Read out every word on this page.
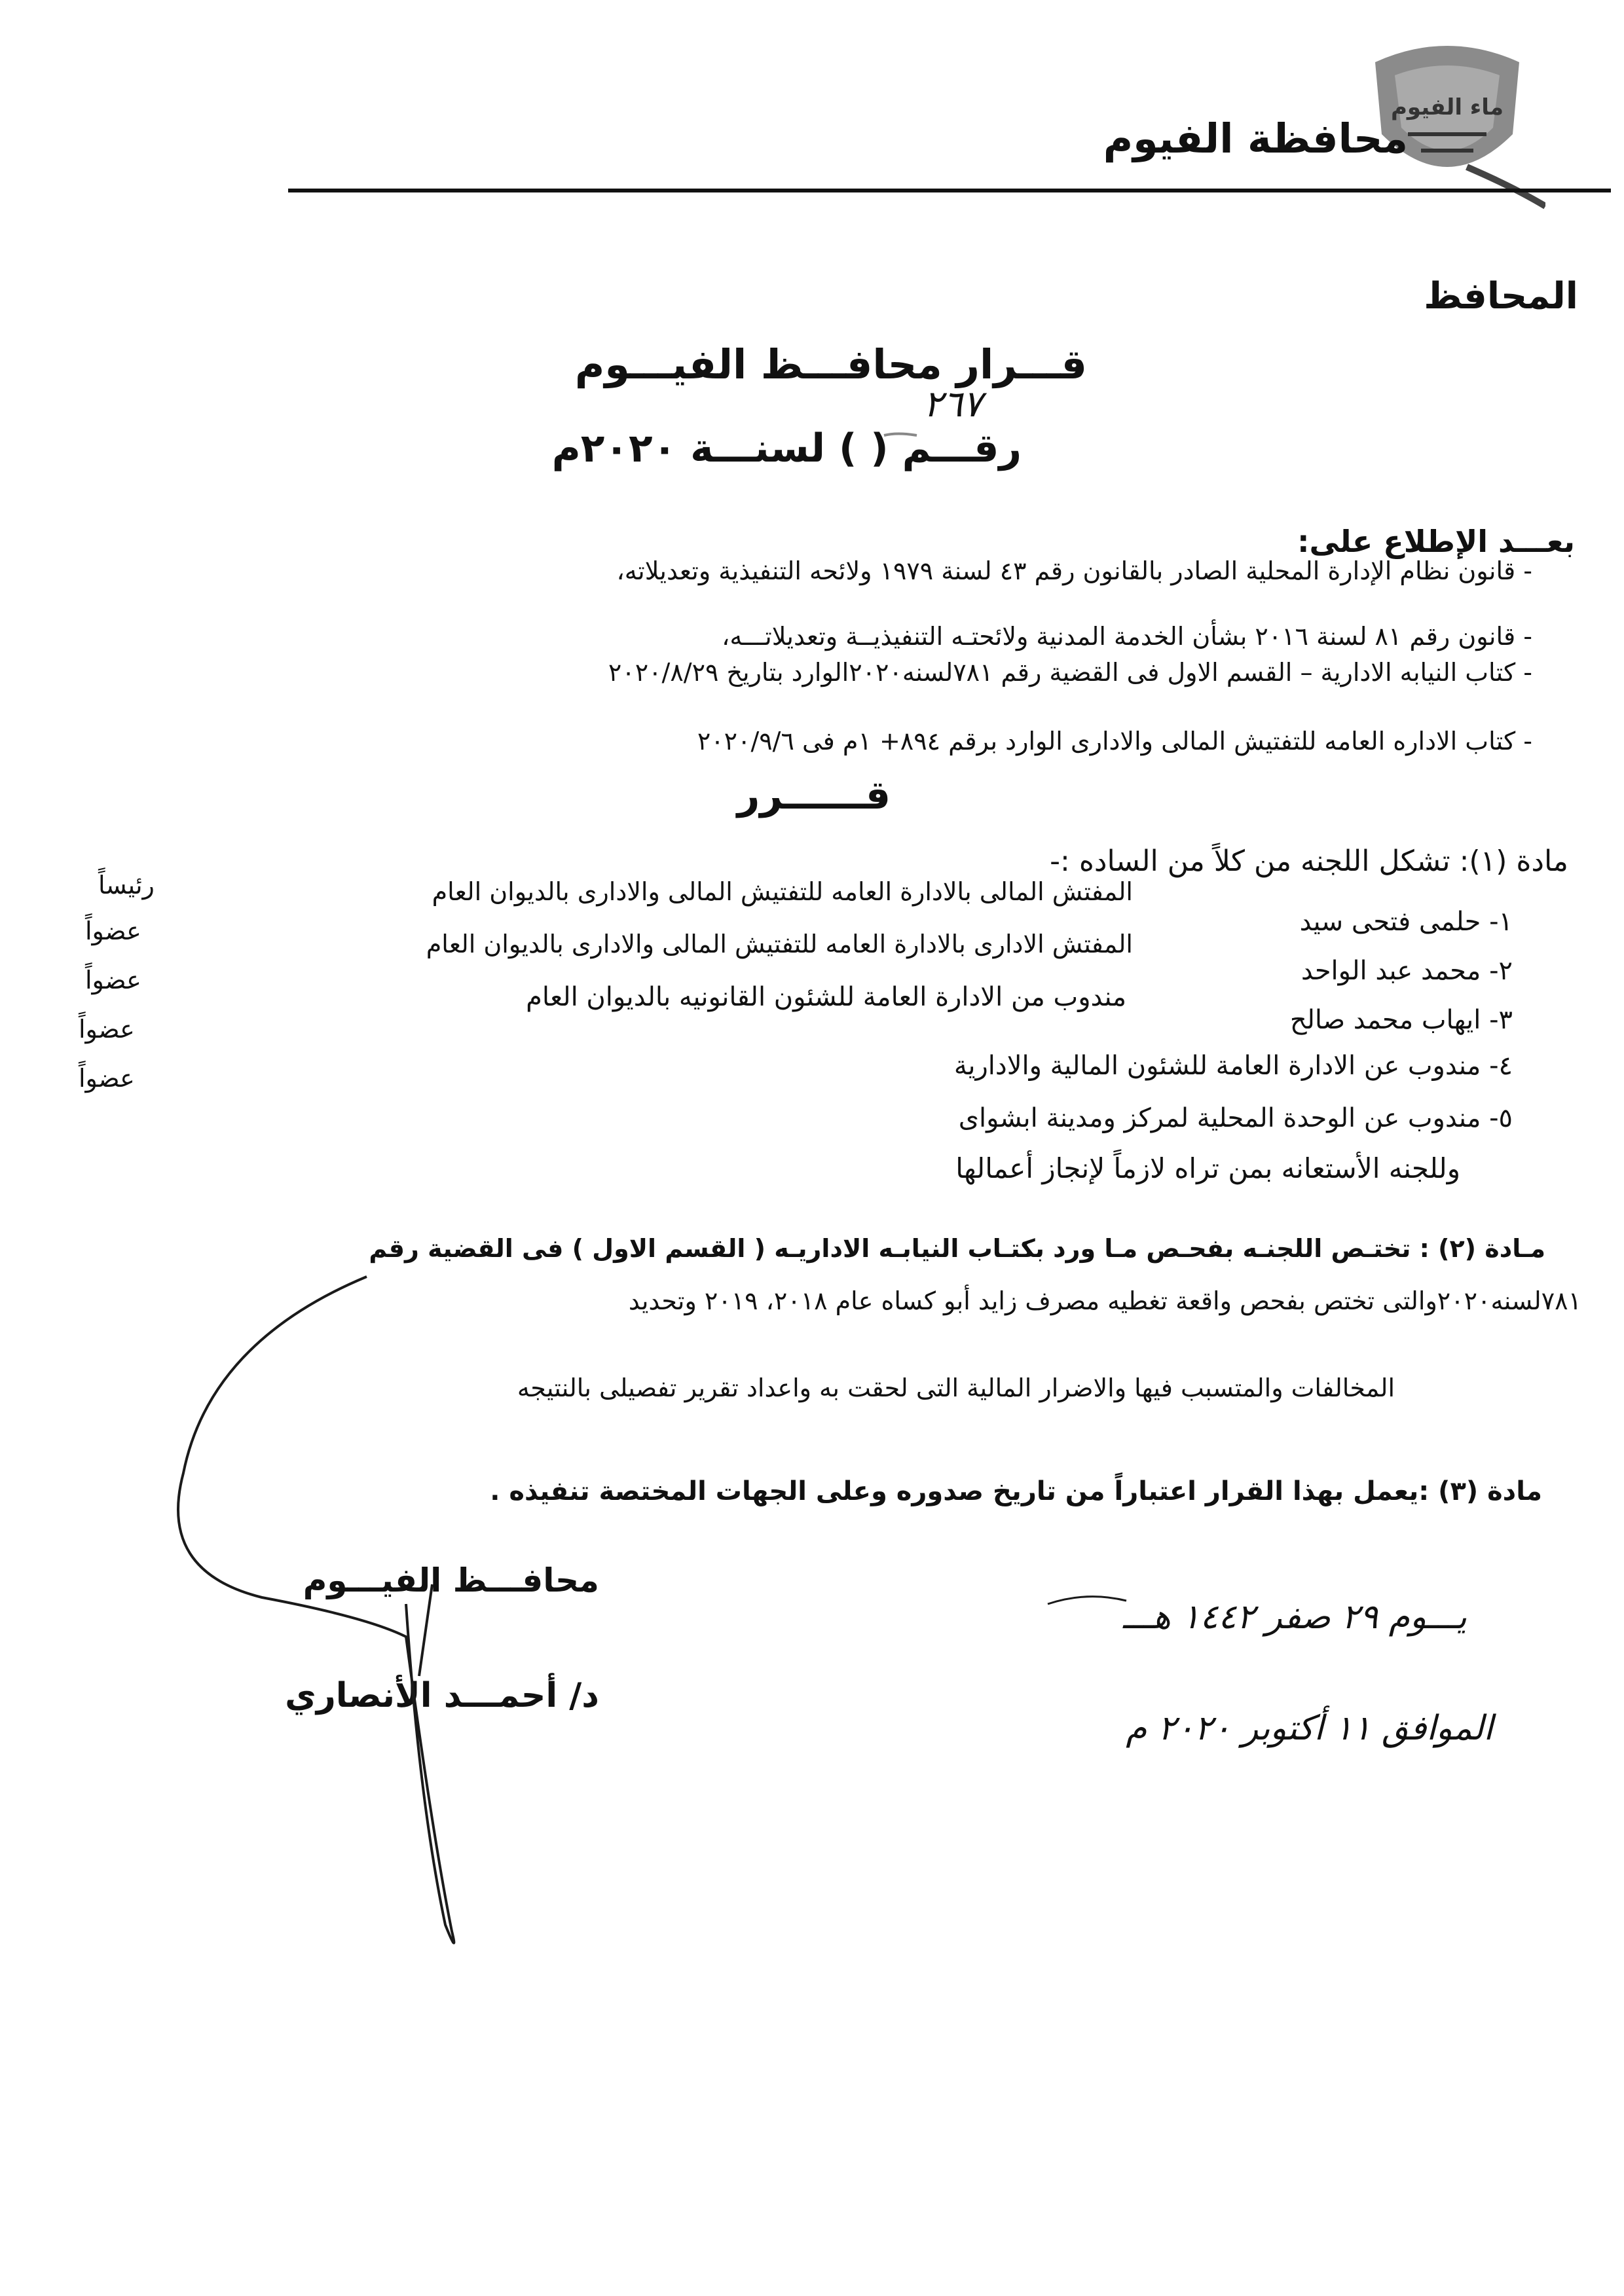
ماء الفيوم
محافظة الفيوم
المحافظ
قـــرار محافـــظ الفيـــوم
٢٦٧
رقـــم ( ) لسنـــة ٢٠٢٠م
بعـــد الإطلاع على:
- قانون نظام الإدارة المحلية الصادر بالقانون رقم ٤٣ لسنة ١٩٧٩ ولائحه التنفيذية وتعديلاته،
- قانون رقم ٨١ لسنة ٢٠١٦ بشأن الخدمة المدنية ولائحتـه التنفيذيــة وتعديلاتـــه،
- كتاب النيابه الادارية – القسم الاول فى القضية رقم ٧٨١لسنه٢٠٢٠الوارد بتاريخ ٢٠٢٠/٨/٢٩
- كتاب الاداره العامه للتفتيش المالى والادارى الوارد برقم ٨٩٤+ ١م فى ٢٠٢٠/٩/٦
قــــــرر
مادة (١): تشكل اللجنه من كلاً من الساده :-
١- حلمى فتحى سيد
المفتش المالى بالادارة العامه للتفتيش المالى والادارى بالديوان العام
رئيساً
٢- محمد عبد الواحد
المفتش الادارى بالادارة العامه للتفتيش المالى والادارى بالديوان العام
عضواً
٣- ايهاب محمد صالح
مندوب من الادارة العامة للشئون القانونيه بالديوان العام
عضواً
٤- مندوب عن الادارة العامة للشئون المالية والادارية
عضواً
٥- مندوب عن الوحدة المحلية لمركز ومدينة ابشواى
عضواً
وللجنه الأستعانه بمن تراه لازماً لإنجاز أعمالها
مـادة (٢) : تختـص اللجنـه بفحـص مـا ورد بكتـاب النيابـه الاداريـه ( القسم الاول ) فى القضية رقم
٧٨١لسنه٢٠٢٠والتى تختص بفحص واقعة تغطيه مصرف زايد أبو كساه عام ٢٠١٨، ٢٠١٩ وتحديد
المخالفات والمتسبب فيها والاضرار المالية التى لحقت به واعداد تقرير تفصيلى بالنتيجه
مادة (٣) :يعمل بهذا القرار اعتباراً من تاريخ صدوره وعلى الجهات المختصة تنفيذه .
يـــوم ٢٩ صفر ١٤٤٢ هـــ
الموافق ١١ أكتوبر ٢٠٢٠ م
محافـــظ الفيـــوم
د/ أحمـــد الأنصاري
